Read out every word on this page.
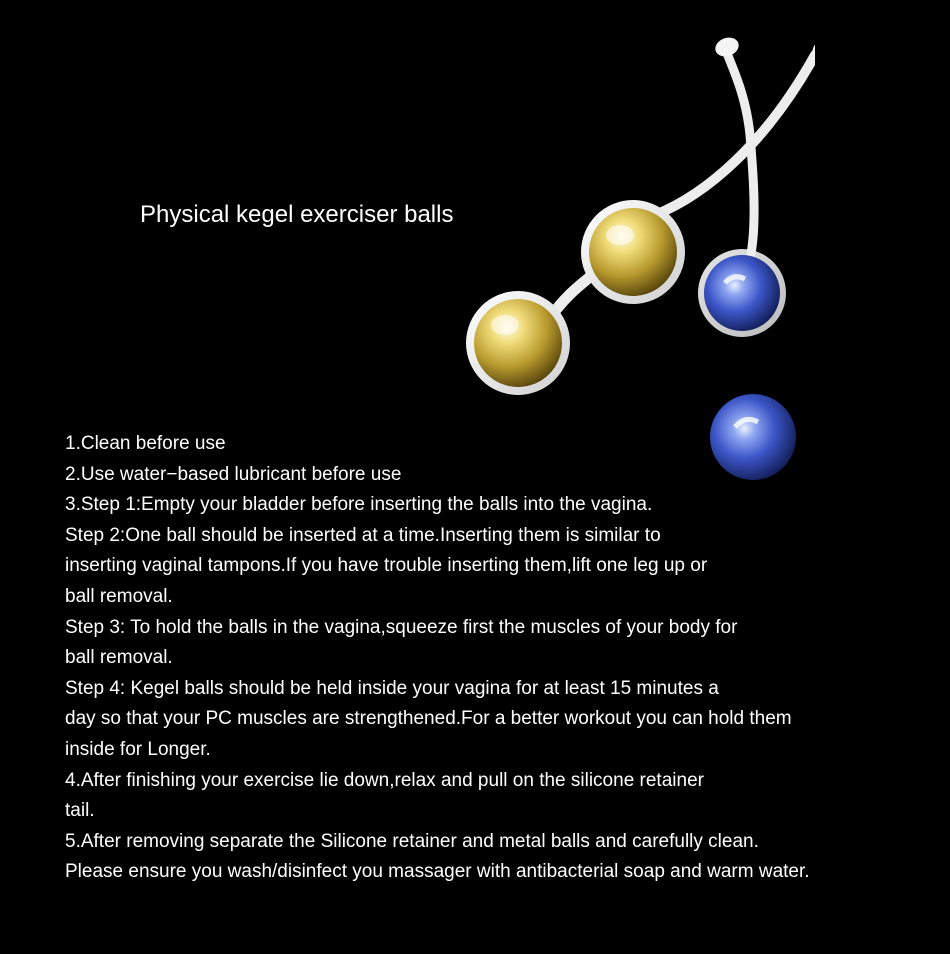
Physical kegel exerciser balls
1.Clean before use
2.Use water−based lubricant before use
3.Step 1:Empty your bladder before inserting the balls into the vagina.
Step 2:One ball should be inserted at a time.Inserting them is similar to
inserting vaginal tampons.If you have trouble inserting them,lift one leg up or
ball removal.
Step 3: To hold the balls in the vagina,squeeze first the muscles of your body for
ball removal.
Step 4: Kegel balls should be held inside your vagina for at least 15 minutes a
day so that your PC muscles are strengthened.For a better workout you can hold them
inside for Longer.
4.After finishing your exercise lie down,relax and pull on the silicone retainer
tail.
5.After removing separate the Silicone retainer and metal balls and carefully clean.
Please ensure you wash/disinfect you massager with antibacterial soap and warm water.
